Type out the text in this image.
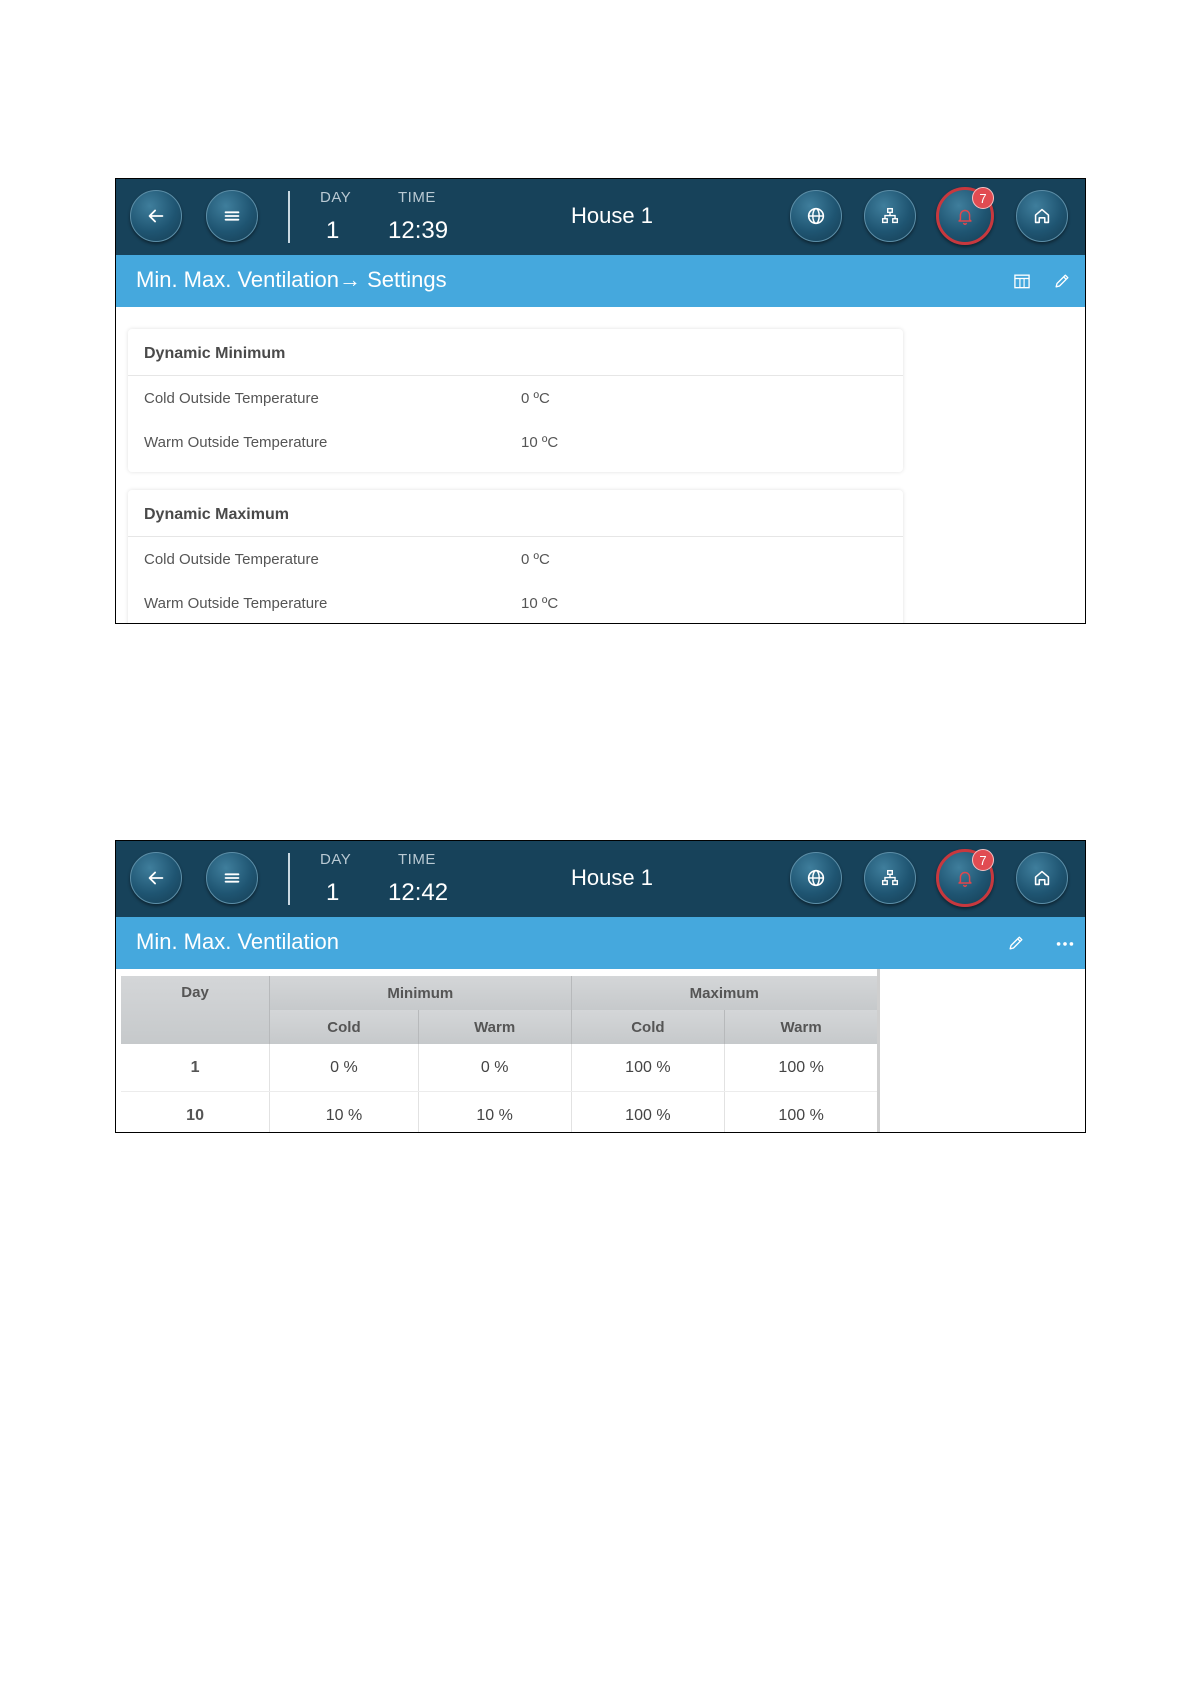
DAY
1
TIME
12:39
House 1
7
Min. Max. Ventilation→ Settings
Dynamic Minimum
Cold Outside Temperature	0 ºC
Warm Outside Temperature	10 ºC
Dynamic Maximum
Cold Outside Temperature	0 ºC
Warm Outside Temperature	10 ºC
DAY
1
TIME
12:42
House 1
7
Min. Max. Ventilation
Day	Minimum		Maximum	
	Cold	Warm	Cold	Warm
1	0 %	0 %	100 %	100 %
10	10 %	10 %	100 %	100 %
